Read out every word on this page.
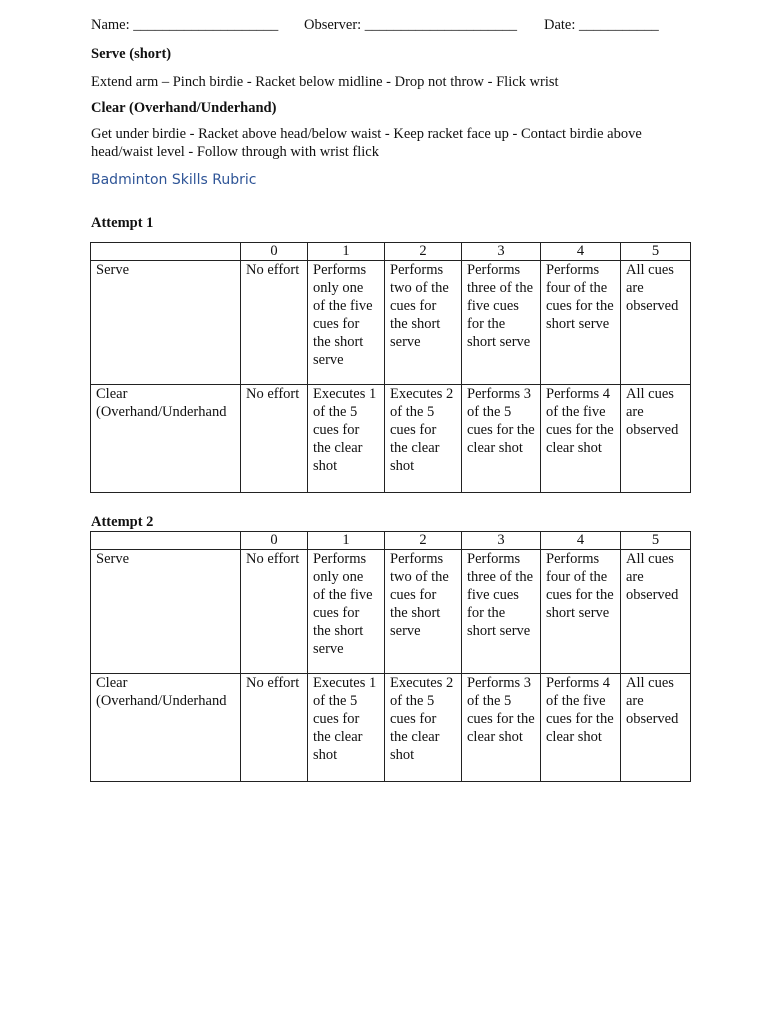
Name: ____________________ Observer: _____________________ Date: ___________
Serve (short)
Extend arm – Pinch birdie - Racket below midline - Drop not throw - Flick wrist
Clear (Overhand/Underhand)
Get under birdie - Racket above head/below waist - Keep racket face up - Contact birdie above head/waist level - Follow through with wrist flick
Badminton Skills Rubric
Attempt 1
	0	1	2	3	4	5
Serve	No effort	Performs only one of the five cues for the short serve	Performs two of the cues for the short serve	Performs three of the five cues for the short serve	Performs four of the cues for the short serve	All cues are observed
Clear (Overhand/Underhand	No effort	Executes 1 of the 5 cues for the clear shot	Executes 2 of the 5 cues for the clear shot	Performs 3 of the 5 cues for the clear shot	Performs 4 of the five cues for the clear shot	All cues are observed
Attempt 2
	0	1	2	3	4	5
Serve	No effort	Performs only one of the five cues for the short serve	Performs two of the cues for the short serve	Performs three of the five cues for the short serve	Performs four of the cues for the short serve	All cues are observed
Clear (Overhand/Underhand	No effort	Executes 1 of the 5 cues for the clear shot	Executes 2 of the 5 cues for the clear shot	Performs 3 of the 5 cues for the clear shot	Performs 4 of the five cues for the clear shot	All cues are observed
